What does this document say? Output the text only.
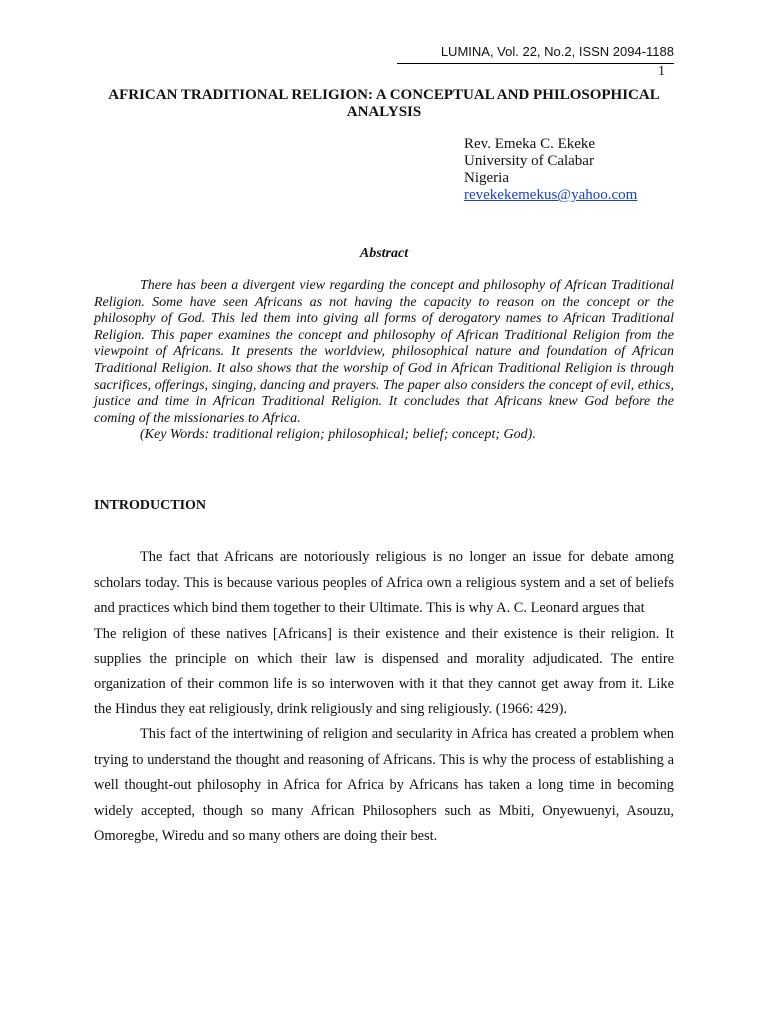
LUMINA, Vol. 22, No.2, ISSN 2094-1188
1
AFRICAN TRADITIONAL RELIGION: A CONCEPTUAL AND PHILOSOPHICAL ANALYSIS
Rev. Emeka C. Ekeke
University of Calabar
Nigeria
revekekemekus@yahoo.com
Abstract

There has been a divergent view regarding the concept and philosophy of African Traditional Religion. Some have seen Africans as not having the capacity to reason on the concept or the philosophy of God. This led them into giving all forms of derogatory names to African Traditional Religion. This paper examines the concept and philosophy of African Traditional Religion from the viewpoint of Africans. It presents the worldview, philosophical nature and foundation of African Traditional Religion. It also shows that the worship of God in African Traditional Religion is through sacrifices, offerings, singing, dancing and prayers. The paper also considers the concept of evil, ethics, justice and time in African Traditional Religion. It concludes that Africans knew God before the coming of the missionaries to Africa.

(Key Words: traditional religion; philosophical; belief; concept; God).

INTRODUCTION

The fact that Africans are notoriously religious is no longer an issue for debate among scholars today. This is because various peoples of Africa own a religious system and a set of beliefs and practices which bind them together to their Ultimate. This is why A. C. Leonard argues that

The religion of these natives [Africans] is their existence and their existence is their religion. It supplies the principle on which their law is dispensed and morality adjudicated. The entire organization of their common life is so interwoven with it that they cannot get away from it. Like the Hindus they eat religiously, drink religiously and sing religiously. (1966: 429).

This fact of the intertwining of religion and secularity in Africa has created a problem when trying to understand the thought and reasoning of Africans. This is why the process of establishing a well thought-out philosophy in Africa for Africa by Africans has taken a long time in becoming widely accepted, though so many African Philosophers such as Mbiti, Onyewuenyi, Asouzu, Omoregbe, Wiredu and so many others are doing their best.
